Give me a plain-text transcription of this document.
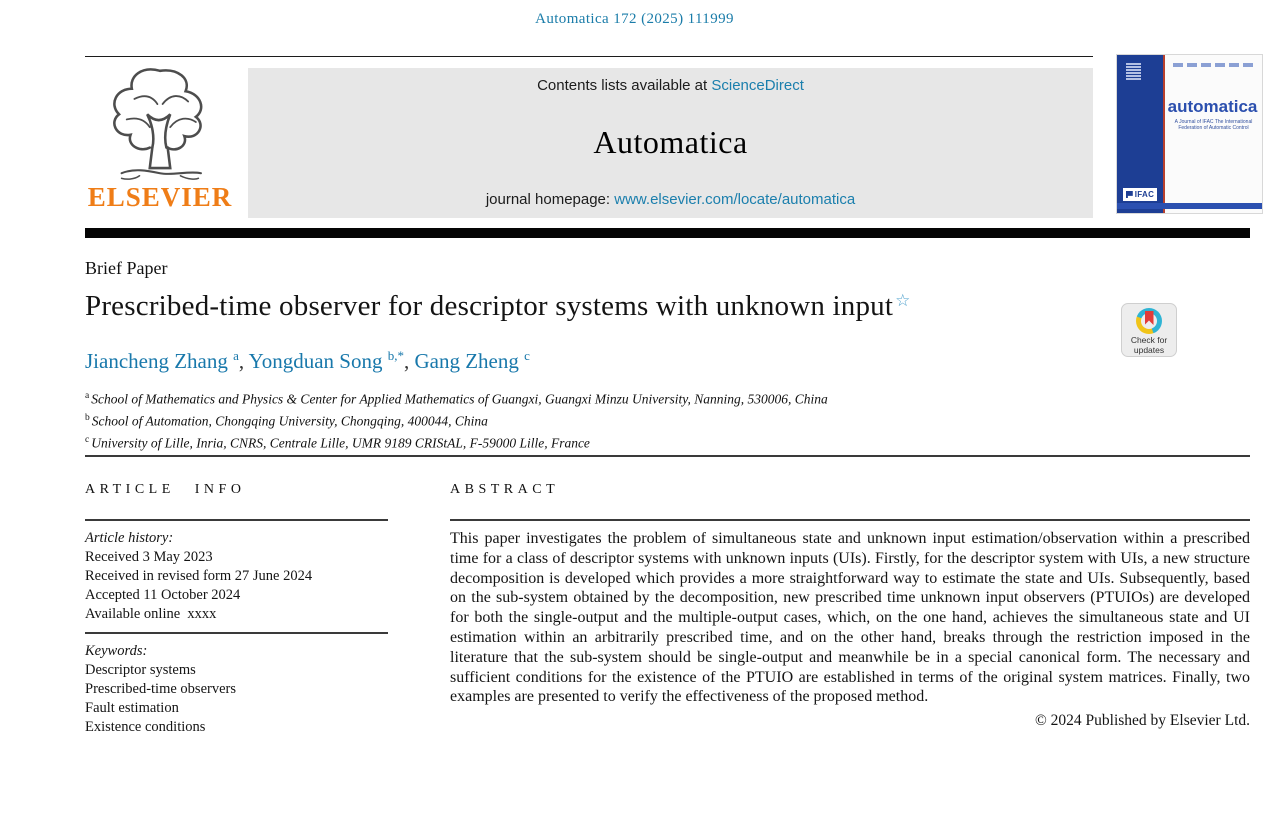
Automatica 172 (2025) 111999
ELSEVIER
Contents lists available at ScienceDirect
Automatica
journal homepage: www.elsevier.com/locate/automatica
automatica
A Journal of IFAC The International Federation of Automatic Control
IFAC
Brief Paper
Prescribed-time observer for descriptor systems with unknown input ☆
Jiancheng Zhang $^a$, Yongduan Song $^{b,*}$, Gang Zheng $^c$
$^a$ School of Mathematics and Physics & Center for Applied Mathematics of Guangxi, Guangxi Minzu University, Nanning, 530006, China
$^b$ School of Automation, Chongqing University, Chongqing, 400044, China
$^c$ University of Lille, Inria, CNRS, Centrale Lille, UMR 9189 CRIStAL, F-59000 Lille, France
ARTICLE INFO
Article history:
Received 3 May 2023
Received in revised form 27 June 2024
Accepted 11 October 2024
Available online  xxxx
Keywords:
Descriptor systems
Prescribed-time observers
Fault estimation
Existence conditions
ABSTRACT
This paper investigates the problem of simultaneous state and unknown input estimation/observation within a prescribed time for a class of descriptor systems with unknown inputs (UIs). Firstly, for the descriptor system with UIs, a new structure decomposition is developed which provides a more straightforward way to estimate the state and UIs. Subsequently, based on the sub-system obtained by the decomposition, new prescribed time unknown input observers (PTUIOs) are developed for both the single-output and the multiple-output cases, which, on the one hand, achieves the simultaneous state and UI estimation within an arbitrarily prescribed time, and on the other hand, breaks through the restriction imposed in the literature that the sub-system should be single-output and meanwhile be in a special canonical form. The necessary and sufficient conditions for the existence of the PTUIO are established in terms of the original system matrices. Finally, two examples are presented to verify the effectiveness of the proposed method.
© 2024 Published by Elsevier Ltd.
Check for
updates
